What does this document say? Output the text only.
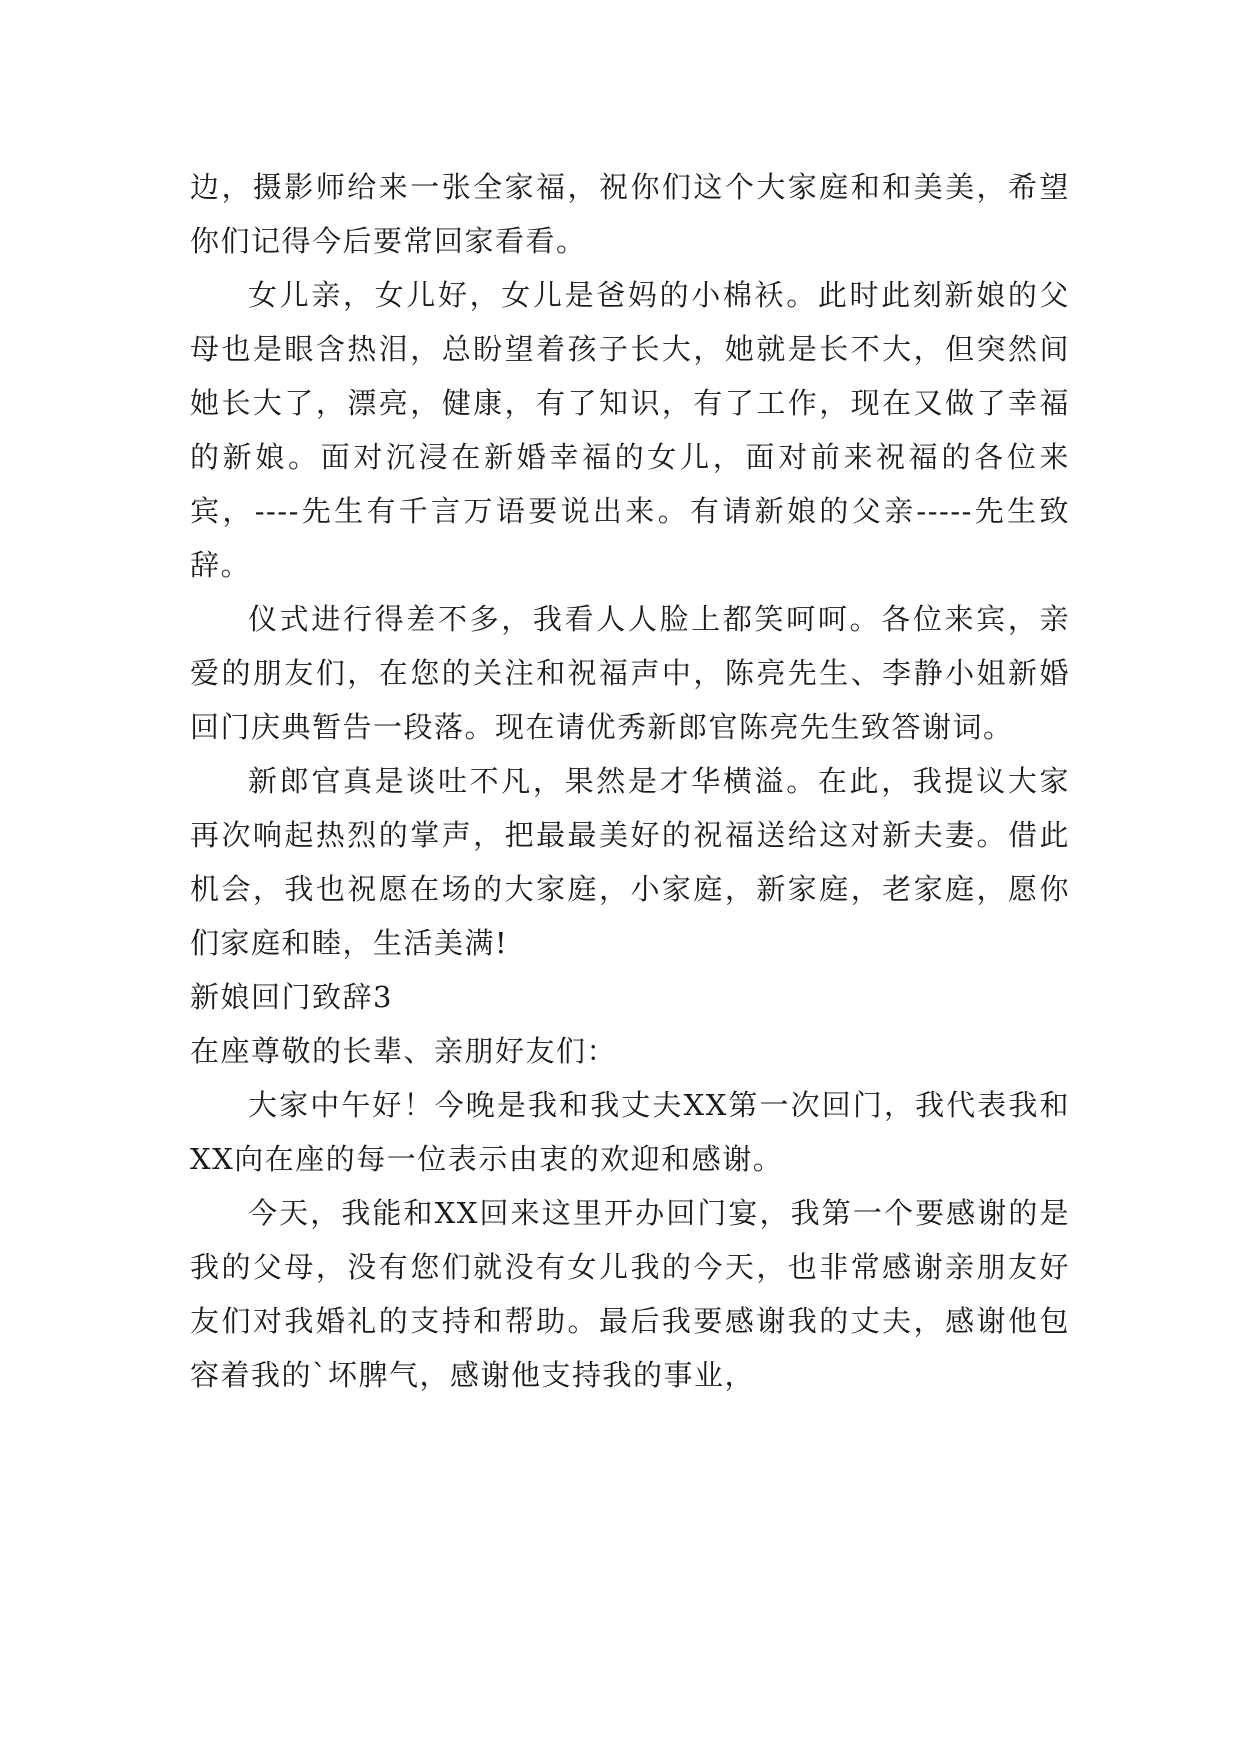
边，摄影师给来一张全家福，祝你们这个大家庭和和美美，希望你们记得今后要常回家看看。

女儿亲，女儿好，女儿是爸妈的小棉袄。此时此刻新娘的父母也是眼含热泪，总盼望着孩子长大，她就是长不大，但突然间她长大了，漂亮，健康，有了知识，有了工作，现在又做了幸福的新娘。面对沉浸在新婚幸福的女儿，面对前来祝福的各位来宾，----先生有千言万语要说出来。有请新娘的父亲-----先生致辞。

仪式进行得差不多，我看人人脸上都笑呵呵。各位来宾，亲爱的朋友们，在您的关注和祝福声中，陈亮先生、李静小姐新婚回门庆典暂告一段落。现在请优秀新郎官陈亮先生致答谢词。

新郎官真是谈吐不凡，果然是才华横溢。在此，我提议大家再次响起热烈的掌声，把最最美好的祝福送给这对新夫妻。借此机会，我也祝愿在场的大家庭，小家庭，新家庭，老家庭，愿你们家庭和睦，生活美满!

新娘回门致辞3

在座尊敬的长辈、亲朋好友们：

大家中午好！今晚是我和我丈夫XX第一次回门，我代表我和XX向在座的每一位表示由衷的欢迎和感谢。

今天，我能和XX回来这里开办回门宴，我第一个要感谢的是我的父母，没有您们就没有女儿我的今天，也非常感谢亲朋友好友们对我婚礼的支持和帮助。最后我要感谢我的丈夫，感谢他包容着我的`坏脾气，感谢他支持我的事业，
